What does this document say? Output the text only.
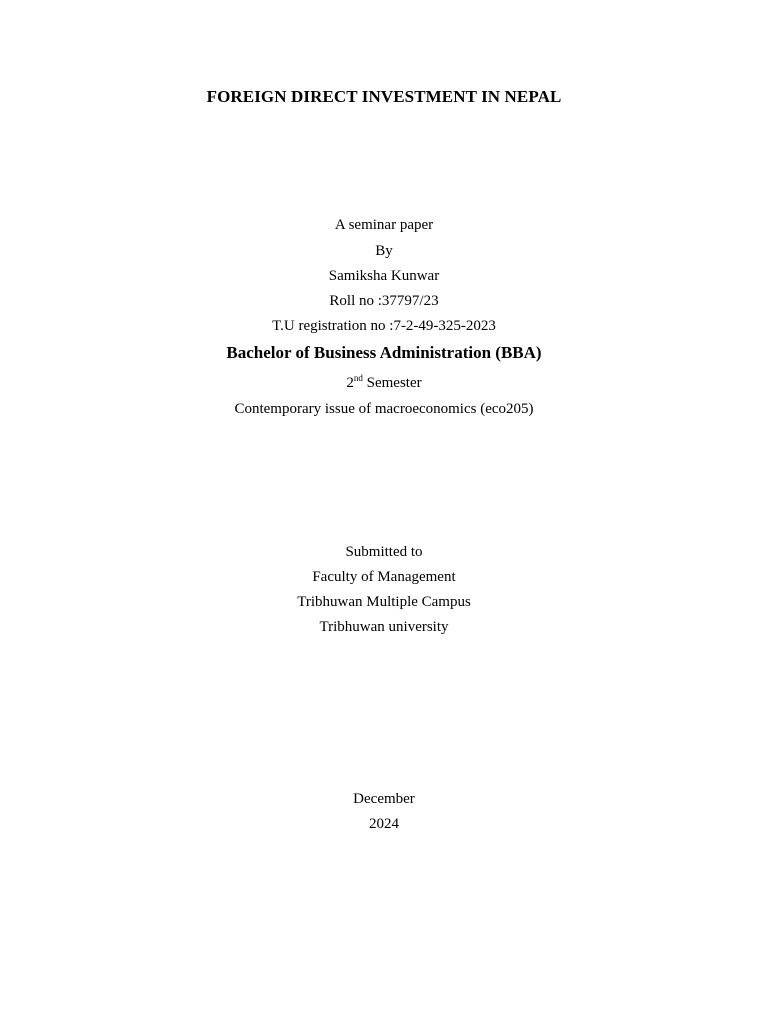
FOREIGN DIRECT INVESTMENT IN NEPAL
A seminar paper
By
Samiksha Kunwar
Roll no :37797/23
T.U registration no :7-2-49-325-2023
Bachelor of Business Administration (BBA)
2nd Semester
Contemporary issue of macroeconomics (eco205)
Submitted to
Faculty of Management
Tribhuwan Multiple Campus
Tribhuwan university
December
2024
